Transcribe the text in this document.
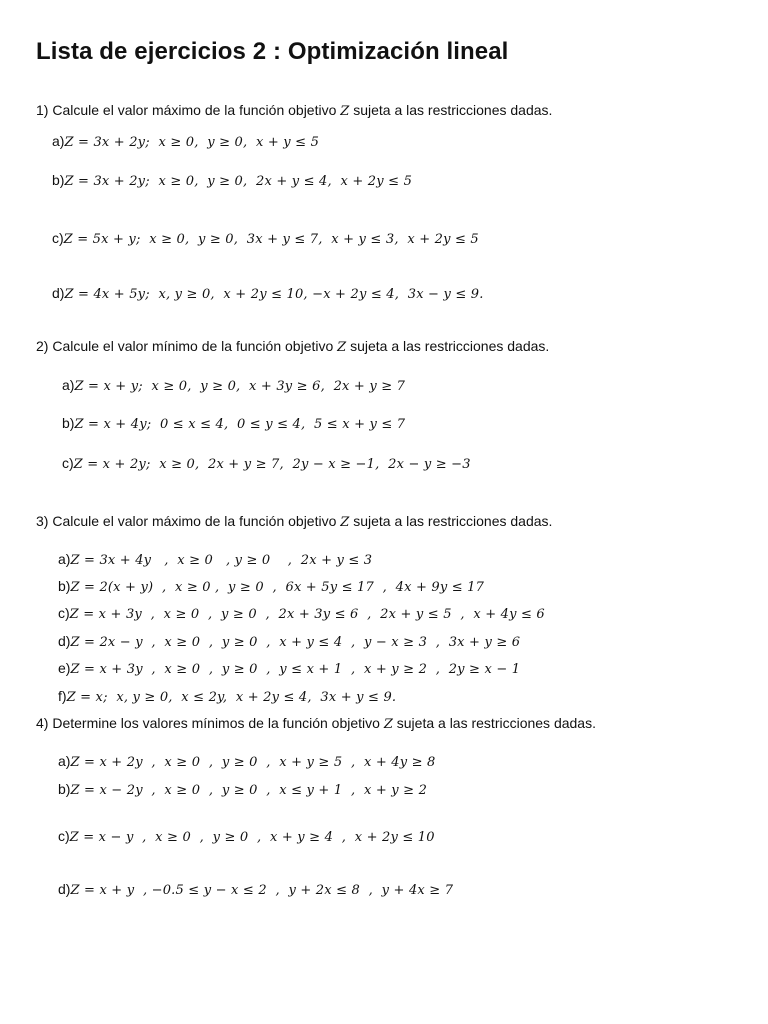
Lista de ejercicios 2 : Optimización lineal
1) Calcule el valor máximo de la función objetivo Z sujeta a las restricciones dadas.
a) Z = 3x + 2y;  x ≥ 0,  y ≥ 0,  x + y ≤ 5
b) Z = 3x + 2y;  x ≥ 0,  y ≥ 0,  2x + y ≤ 4,  x + 2y ≤ 5
c) Z = 5x + y;  x ≥ 0,  y ≥ 0,  3x + y ≤ 7,  x + y ≤ 3,  x + 2y ≤ 5
d) Z = 4x + 5y;  x, y ≥ 0,  x + 2y ≤ 10, −x + 2y ≤ 4,  3x − y ≤ 9.
2) Calcule el valor mínimo de la función objetivo Z sujeta a las restricciones dadas.
a) Z = x + y;  x ≥ 0,  y ≥ 0,  x + 3y ≥ 6,  2x + y ≥ 7
b) Z = x + 4y;  0 ≤ x ≤ 4,  0 ≤ y ≤ 4,  5 ≤ x + y ≤ 7
c) Z = x + 2y;  x ≥ 0,  2x + y ≥ 7,  2y − x ≥ −1,  2x − y ≥ −3
3) Calcule el valor máximo de la función objetivo Z sujeta a las restricciones dadas.
a) Z = 3x + 4y   ,  x ≥ 0   , y ≥ 0    ,  2x + y ≤ 3
b) Z = 2(x + y)  ,  x ≥ 0 ,  y ≥ 0  ,  6x + 5y ≤ 17  ,  4x + 9y ≤ 17
c) Z = x + 3y  ,  x ≥ 0  ,  y ≥ 0  ,  2x + 3y ≤ 6  ,  2x + y ≤ 5  ,  x + 4y ≤ 6
d) Z = 2x − y  ,  x ≥ 0  ,  y ≥ 0  ,  x + y ≤ 4  ,  y − x ≥ 3  ,  3x + y ≥ 6
e) Z = x + 3y  ,  x ≥ 0  ,  y ≥ 0  ,  y ≤ x + 1  ,  x + y ≥ 2  ,  2y ≥ x − 1
f) Z = x;  x, y ≥ 0,  x ≤ 2y,  x + 2y ≤ 4,  3x + y ≤ 9.
4) Determine los valores mínimos de la función objetivo Z sujeta a las restricciones dadas.
a) Z = x + 2y  ,  x ≥ 0  ,  y ≥ 0  ,  x + y ≥ 5  ,  x + 4y ≥ 8
b) Z = x − 2y  ,  x ≥ 0  ,  y ≥ 0  ,  x ≤ y + 1  ,  x + y ≥ 2
c) Z = x − y  ,  x ≥ 0  ,  y ≥ 0  ,  x + y ≥ 4  ,  x + 2y ≤ 10
d) Z = x + y  , −0.5 ≤ y − x ≤ 2  ,  y + 2x ≤ 8  ,  y + 4x ≥ 7
